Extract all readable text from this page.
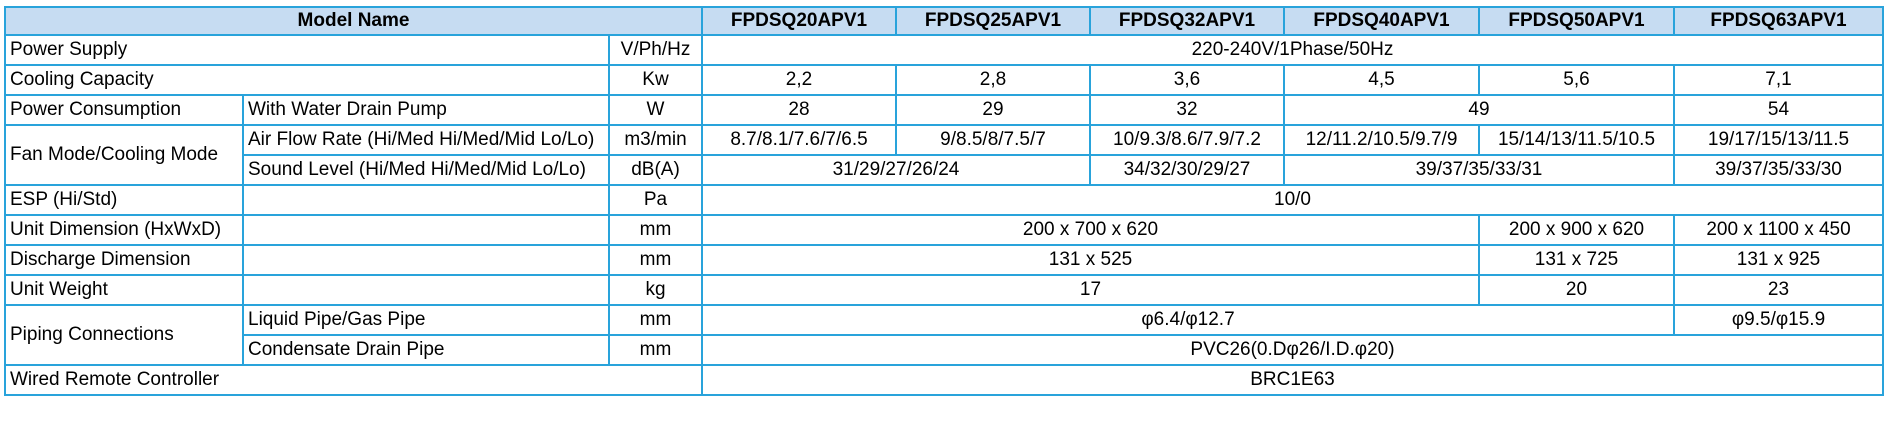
Model Name			FPDSQ20APV1	FPDSQ25APV1	FPDSQ32APV1	FPDSQ40APV1	FPDSQ50APV1	FPDSQ63APV1
Power Supply		V/Ph/Hz	220-240V/1Phase/50Hz					
Cooling Capacity		Kw	2,2	2,8	3,6	4,5	5,6	7,1
Power Consumption	With Water Drain Pump	W	28	29	32	49		54
Fan Mode/Cooling Mode	Air Flow Rate (Hi/Med Hi/Med/Mid Lo/Lo)	m3/min	8.7/8.1/7.6/7/6.5	9/8.5/8/7.5/7	10/9.3/8.6/7.9/7.2	12/11.2/10.5/9.7/9	15/14/13/11.5/10.5	19/17/15/13/11.5
	Sound Level (Hi/Med Hi/Med/Mid Lo/Lo)	dB(A)	31/29/27/26/24		34/32/30/29/27	39/37/35/33/31		39/37/35/33/30
ESP (Hi/Std)		Pa	10/0					
Unit Dimension (HxWxD)		mm	200 x 700 x 620				200 x 900 x 620	200 x 1100 x 450
Discharge Dimension		mm	131 x 525				131 x 725	131 x 925
Unit Weight		kg	17				20	23
Piping Connections	Liquid Pipe/Gas Pipe	mm	φ6.4/φ12.7					φ9.5/φ15.9
	Condensate Drain Pipe	mm	PVC26(0.Dφ26/I.D.φ20)					
Wired Remote Controller			BRC1E63					
